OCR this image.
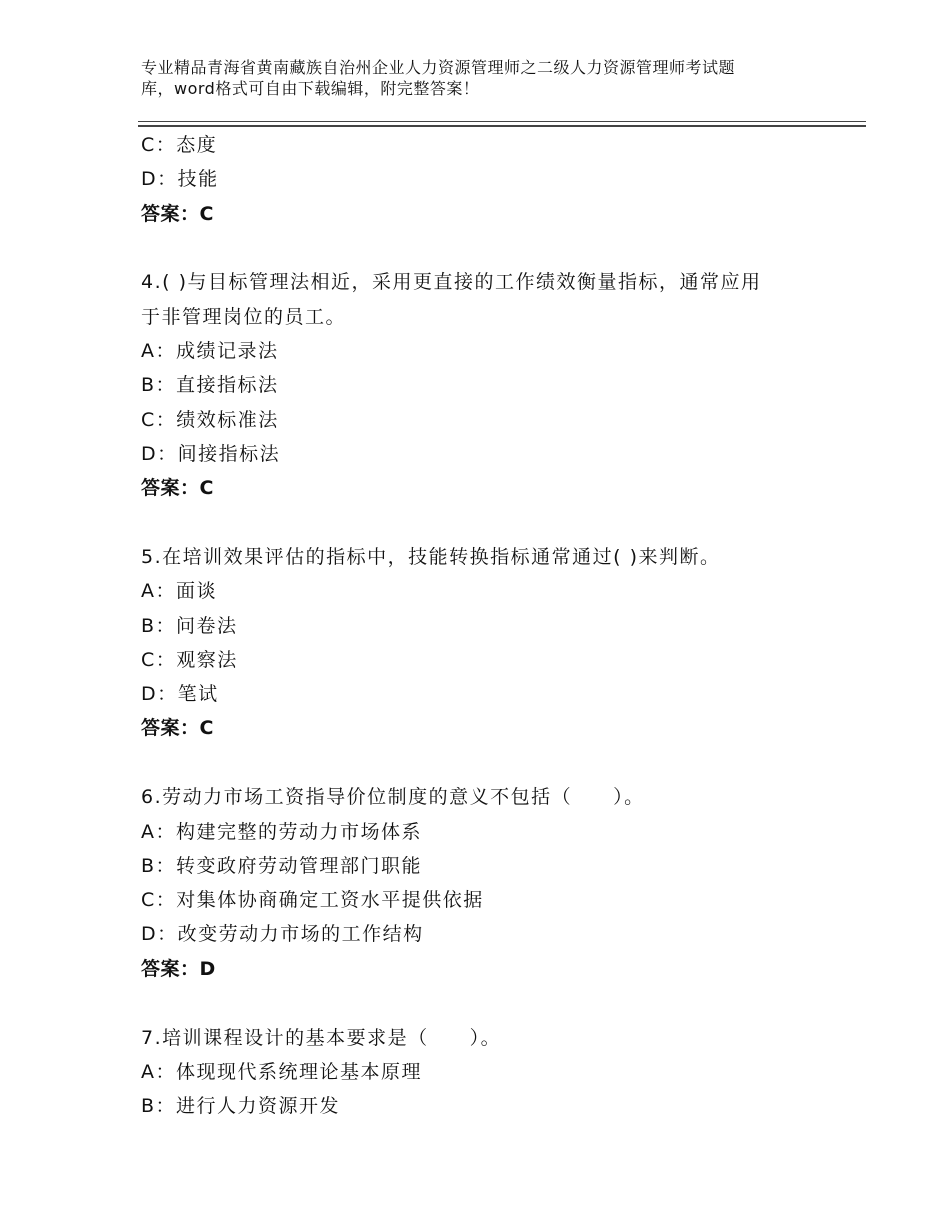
专业精品青海省黄南藏族自治州企业人力资源管理师之二级人力资源管理师考试题
库，word格式可自由下载编辑，附完整答案！
C：态度
D：技能
答案：C
4.( )与目标管理法相近，采用更直接的工作绩效衡量指标，通常应用
于非管理岗位的员工。
A：成绩记录法
B：直接指标法
C：绩效标准法
D：间接指标法
答案：C
5.在培训效果评估的指标中，技能转换指标通常通过( )来判断。
A：面谈
B：问卷法
C：观察法
D：笔试
答案：C
6.劳动力市场工资指导价位制度的意义不包括（　　）。
A：构建完整的劳动力市场体系
B：转变政府劳动管理部门职能
C：对集体协商确定工资水平提供依据
D：改变劳动力市场的工作结构
答案：D
7.培训课程设计的基本要求是（　　）。
A：体现现代系统理论基本原理
B：进行人力资源开发
